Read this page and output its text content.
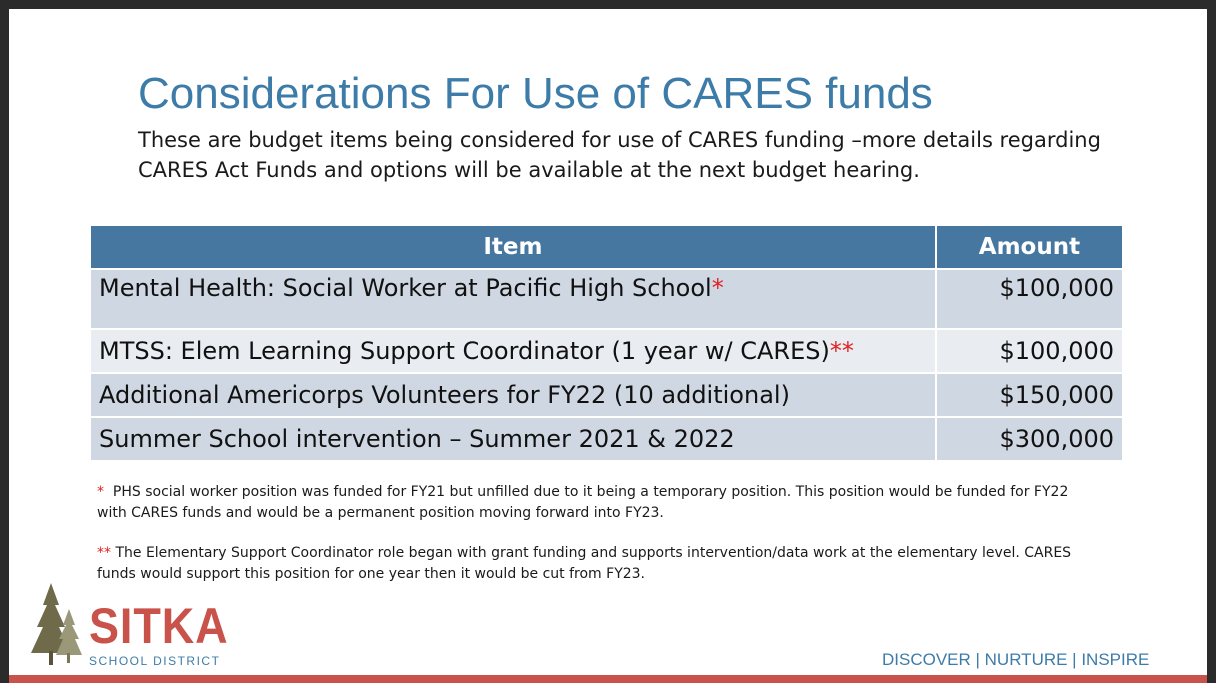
Considerations For Use of CARES funds
These are budget items being considered for use of CARES funding –more details regarding
CARES Act Funds and options will be available at the next budget hearing.
Item	Amount
Mental Health: Social Worker at Pacific High School*	$100,000
MTSS: Elem Learning Support Coordinator (1 year w/ CARES)**	$100,000
Additional Americorps Volunteers for FY22 (10 additional)	$150,000
Summer School intervention – Summer 2021 & 2022	$300,000
* PHS social worker position was funded for FY21 but unfilled due to it being a temporary position. This position would be funded for FY22
with CARES funds and would be a permanent position moving forward into FY23.
** The Elementary Support Coordinator role began with grant funding and supports intervention/data work at the elementary level. CARES
funds would support this position for one year then it would be cut from FY23.
SITKA
SCHOOL DISTRICT	DISCOVER | NURTURE | INSPIRE
